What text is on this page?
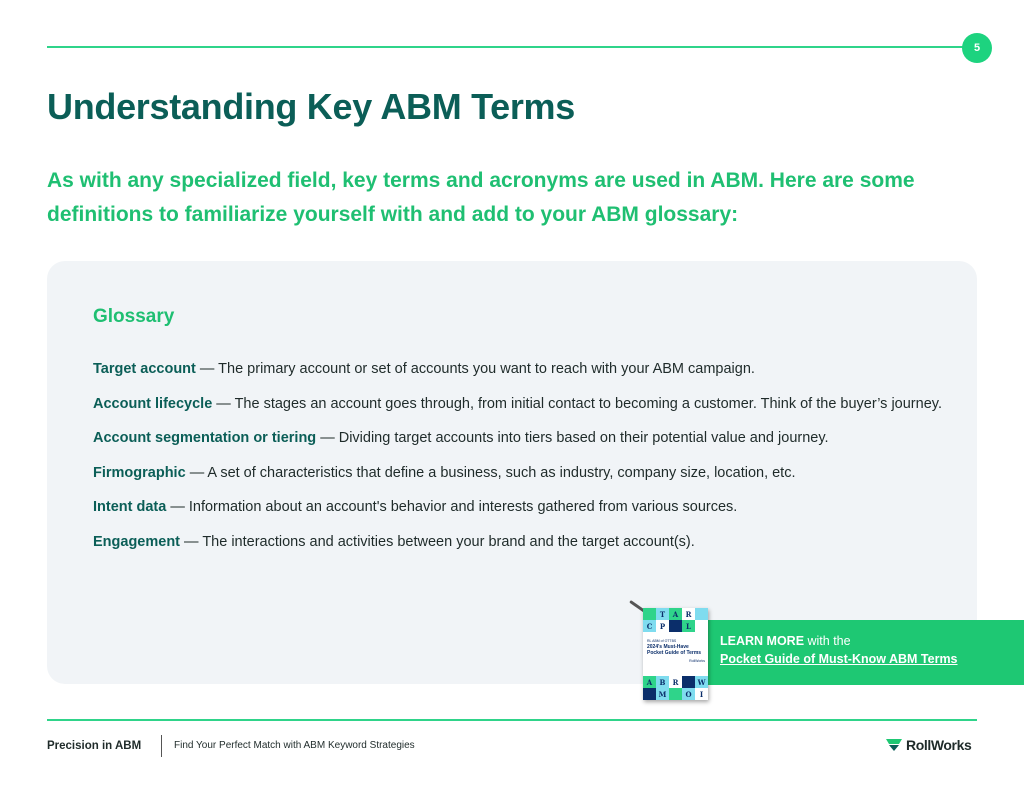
5
Understanding Key ABM Terms

As with any specialized field, key terms and acronyms are used in ABM. Here are some definitions to familiarize yourself with and add to your ABM glossary:

Glossary

Target account — The primary account or set of accounts you want to reach with your ABM campaign.

Account lifecycle — The stages an account goes through, from initial contact to becoming a customer. Think of the buyer’s journey.

Account segmentation or tiering — Dividing target accounts into tiers based on their potential value and journey.

Firmographic — A set of characteristics that define a business, such as industry, company size, location, etc.

Intent data — Information about an account's behavior and interests gathered from various sources.

Engagement — The interactions and activities between your brand and the target account(s).

LEARN MORE with the
Pocket Guide of Must-Know ABM Terms
T	A	R
C	P	L
RL ABM of OTTBS
2024's Must-Have Pocket Guide of Terms
RollWorks
A	B	R	W
M	O	I
Precision in ABM	Find Your Perfect Match with ABM Keyword Strategies	RollWorks
